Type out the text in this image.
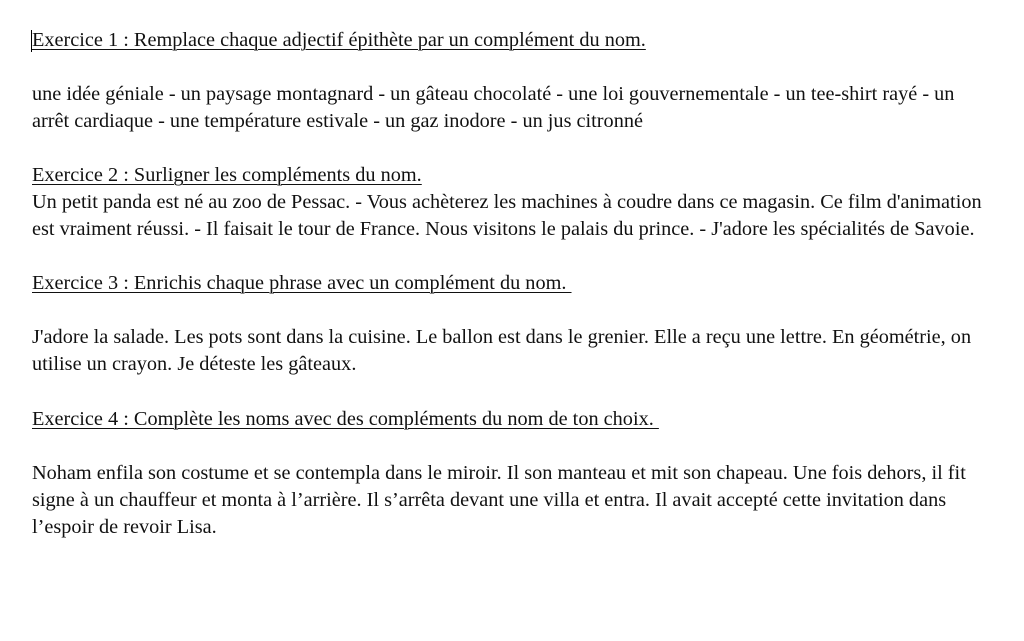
Exercice 1 : Remplace chaque adjectif épithète par un complément du nom.

une idée géniale - un paysage montagnard - un gâteau chocolaté - une loi gouvernementale - un tee-shirt rayé - un arrêt cardiaque - une température estivale - un gaz inodore - un jus citronné

Exercice 2 : Surligner les compléments du nom.

Un petit panda est né au zoo de Pessac. - Vous achèterez les machines à coudre dans ce magasin. Ce film d'animation est vraiment réussi. - Il faisait le tour de France. Nous visitons le palais du prince. - J'adore les spécialités de Savoie.

Exercice 3 : Enrichis chaque phrase avec un complément du nom.

J'adore la salade. Les pots sont dans la cuisine. Le ballon est dans le grenier. Elle a reçu une lettre. En géométrie, on utilise un crayon. Je déteste les gâteaux.

Exercice 4 : Complète les noms avec des compléments du nom de ton choix.

Noham enfila son costume et se contempla dans le miroir. Il son manteau et mit son chapeau. Une fois dehors, il fit signe à un chauffeur et monta à l’arrière. Il s’arrêta devant une villa et entra. Il avait accepté cette invitation dans l’espoir de revoir Lisa.
